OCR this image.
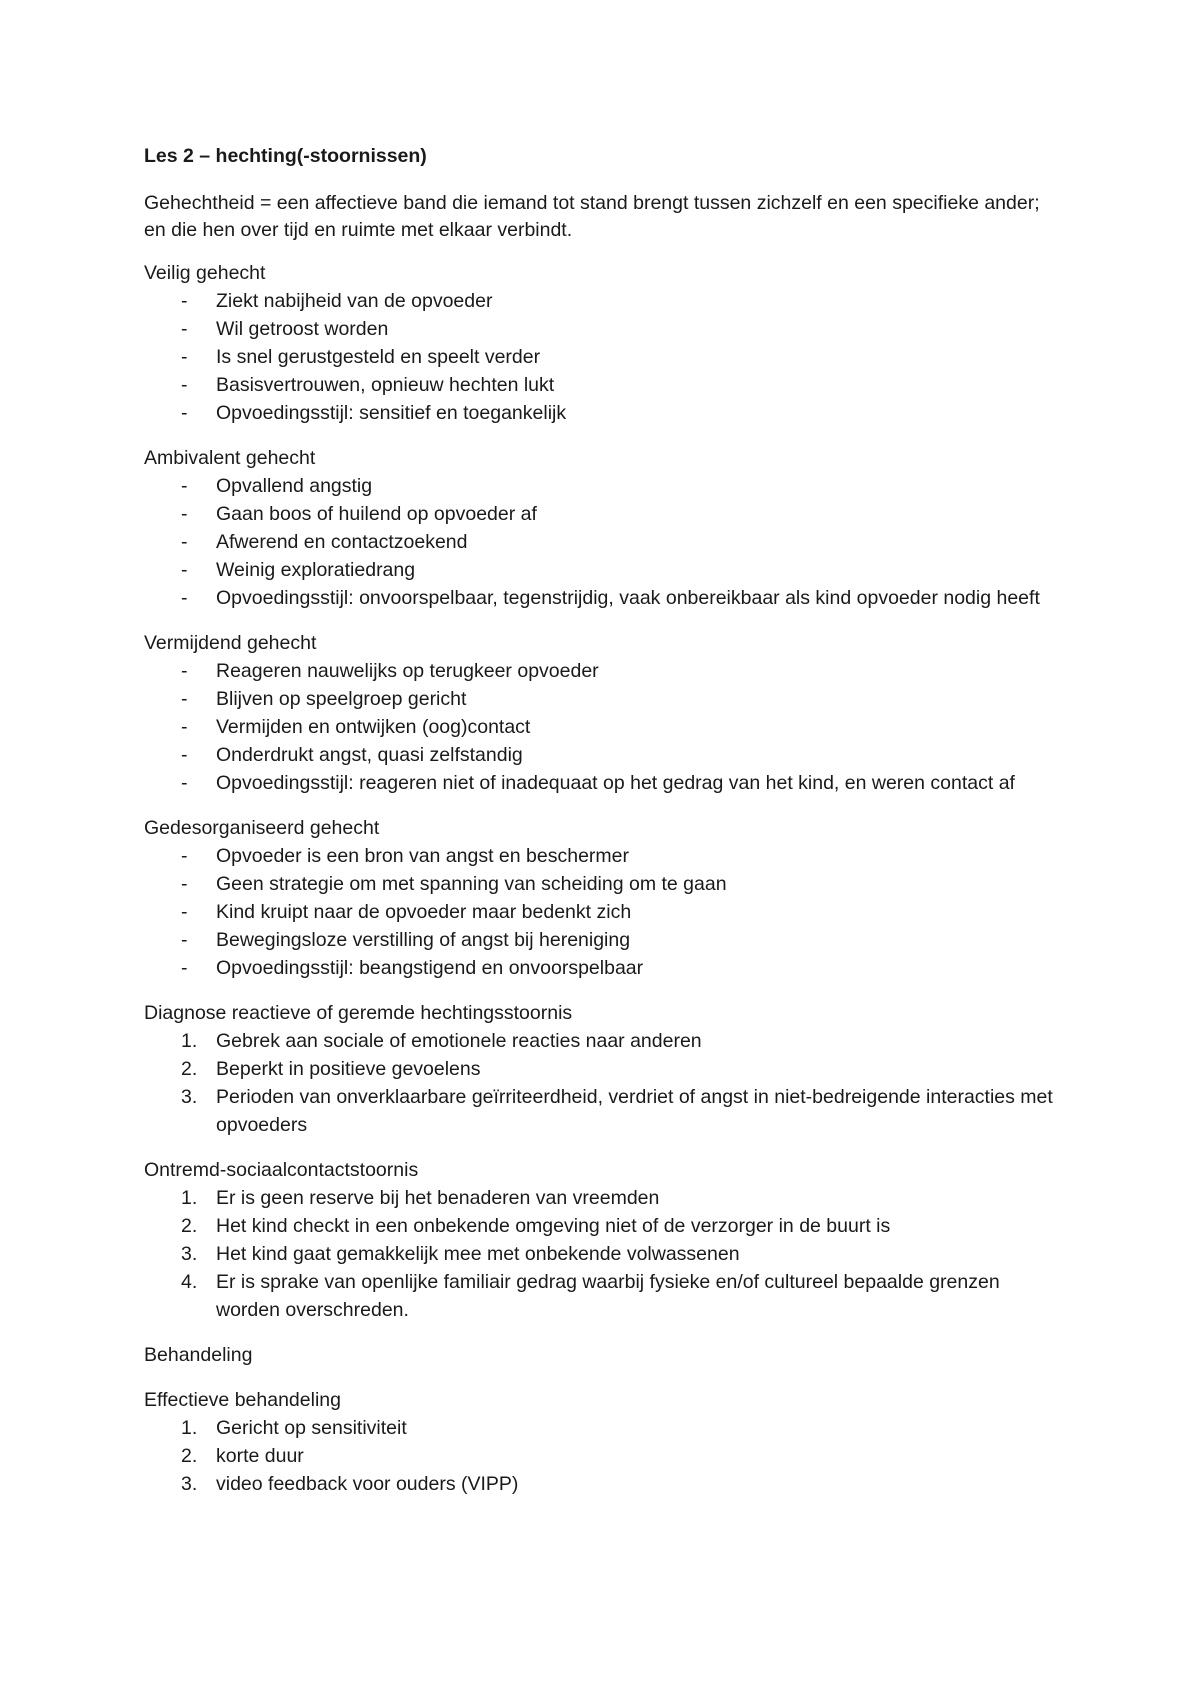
Les 2 – hechting(-stoornissen)

Gehechtheid = een affectieve band die iemand tot stand brengt tussen zichzelf en een specifieke ander; en die hen over tijd en ruimte met elkaar verbindt.

Veilig gehecht

-	Ziekt nabijheid van de opvoeder
-	Wil getroost worden
-	Is snel gerustgesteld en speelt verder
-	Basisvertrouwen, opnieuw hechten lukt
-	Opvoedingsstijl: sensitief en toegankelijk

Ambivalent gehecht

-	Opvallend angstig
-	Gaan boos of huilend op opvoeder af
-	Afwerend en contactzoekend
-	Weinig exploratiedrang
-	Opvoedingsstijl: onvoorspelbaar, tegenstrijdig, vaak onbereikbaar als kind opvoeder nodig heeft

Vermijdend gehecht

-	Reageren nauwelijks op terugkeer opvoeder
-	Blijven op speelgroep gericht
-	Vermijden en ontwijken (oog)contact
-	Onderdrukt angst, quasi zelfstandig
-	Opvoedingsstijl: reageren niet of inadequaat op het gedrag van het kind, en weren contact af

Gedesorganiseerd gehecht

-	Opvoeder is een bron van angst en beschermer
-	Geen strategie om met spanning van scheiding om te gaan
-	Kind kruipt naar de opvoeder maar bedenkt zich
-	Bewegingsloze verstilling of angst bij hereniging
-	Opvoedingsstijl: beangstigend en onvoorspelbaar

Diagnose reactieve of geremde hechtingsstoornis

1. Gebrek aan sociale of emotionele reacties naar anderen
2. Beperkt in positieve gevoelens
3. Perioden van onverklaarbare geïrriteerdheid, verdriet of angst in niet-bedreigende interacties met opvoeders

Ontremd-sociaalcontactstoornis

1. Er is geen reserve bij het benaderen van vreemden
2. Het kind checkt in een onbekende omgeving niet of de verzorger in de buurt is
3. Het kind gaat gemakkelijk mee met onbekende volwassenen
4. Er is sprake van openlijke familiair gedrag waarbij fysieke en/of cultureel bepaalde grenzen worden overschreden.

Behandeling

Effectieve behandeling

1. Gericht op sensitiviteit
2. korte duur
3. video feedback voor ouders (VIPP)
